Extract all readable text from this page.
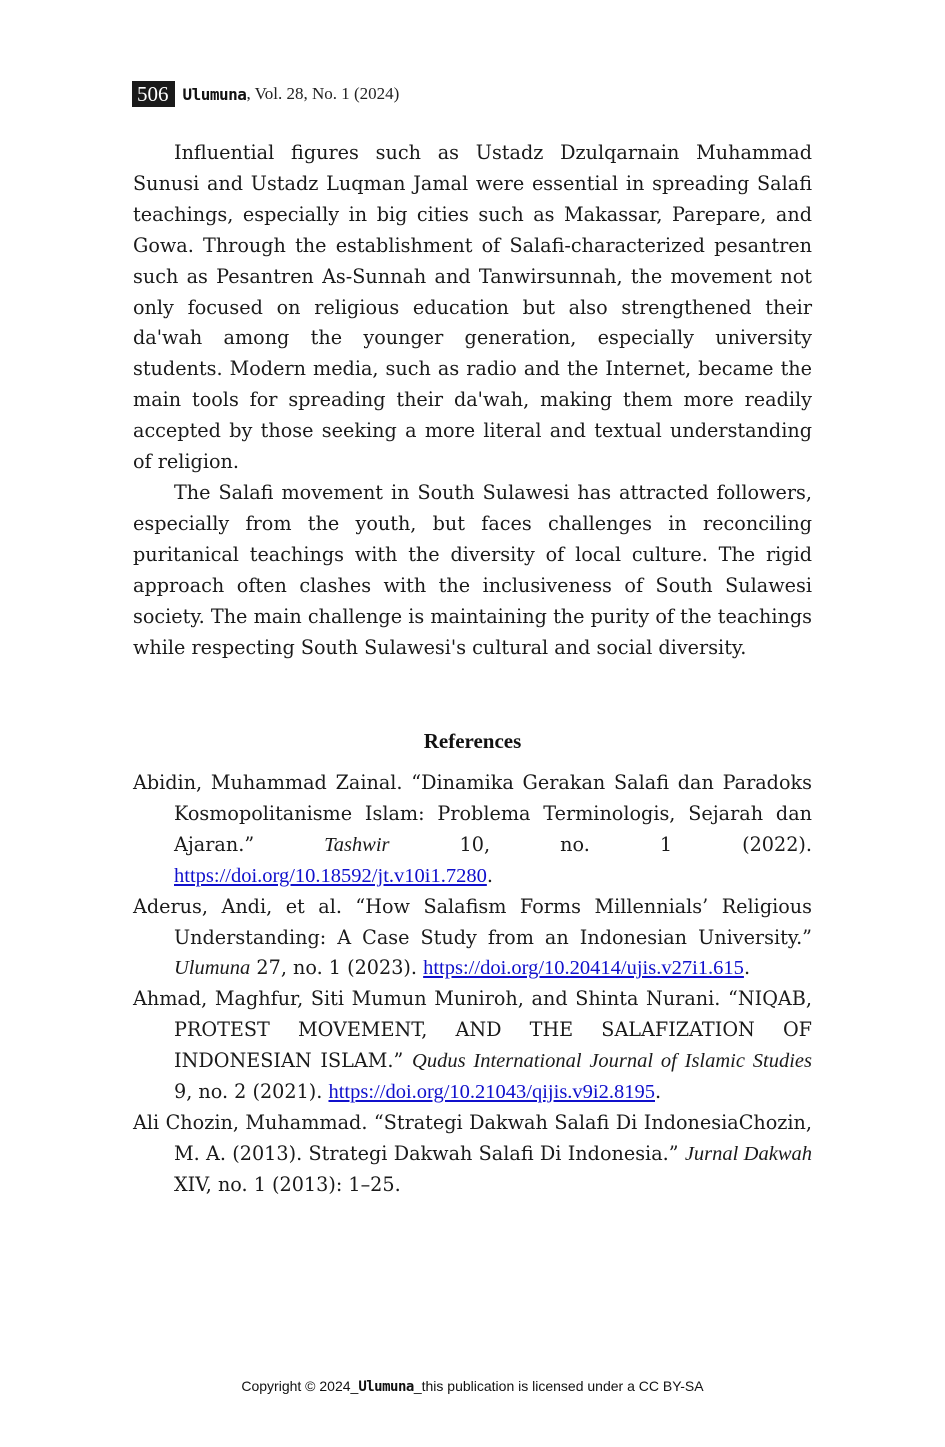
506 Ulumuna , Vol. 28, No. 1 (2024)

Influential figures such as Ustadz Dzulqarnain Muhammad Sunusi and Ustadz Luqman Jamal were essential in spreading Salafi teachings, especially in big cities such as Makassar, Parepare, and Gowa. Through the establishment of Salafi-characterized pesantren such as Pesantren As-Sunnah and Tanwirsunnah, the movement not only focused on religious education but also strengthened their da'wah among the younger generation, especially university students. Modern media, such as radio and the Internet, became the main tools for spreading their da'wah, making them more readily accepted by those seeking a more literal and textual understanding of religion.

The Salafi movement in South Sulawesi has attracted followers, especially from the youth, but faces challenges in reconciling puritanical teachings with the diversity of local culture. The rigid approach often clashes with the inclusiveness of South Sulawesi society. The main challenge is maintaining the purity of the teachings while respecting South Sulawesi's cultural and social diversity.

References

Abidin, Muhammad Zainal. “Dinamika Gerakan Salafi dan Paradoks Kosmopolitanisme Islam: Problema Terminologis, Sejarah dan Ajaran.” Tashwir 10, no. 1 (2022). https://doi.org/10.18592/jt.v10i1.7280.

Aderus, Andi, et al. “How Salafism Forms Millennials’ Religious Understanding: A Case Study from an Indonesian University.” Ulumuna 27, no. 1 (2023). https://doi.org/10.20414/ujis.v27i1.615.

Ahmad, Maghfur, Siti Mumun Muniroh, and Shinta Nurani. “NIQAB, PROTEST MOVEMENT, AND THE SALAFIZATION OF INDONESIAN ISLAM.” Qudus International Journal of Islamic Studies 9, no. 2 (2021). https://doi.org/10.21043/qijis.v9i2.8195.

Ali Chozin, Muhammad. “Strategi Dakwah Salafi Di IndonesiaChozin, M. A. (2013). Strategi Dakwah Salafi Di Indonesia.” Jurnal Dakwah XIV, no. 1 (2013): 1–25.

Copyright © 2024_Ulumuna_this publication is licensed under a CC BY-SA
